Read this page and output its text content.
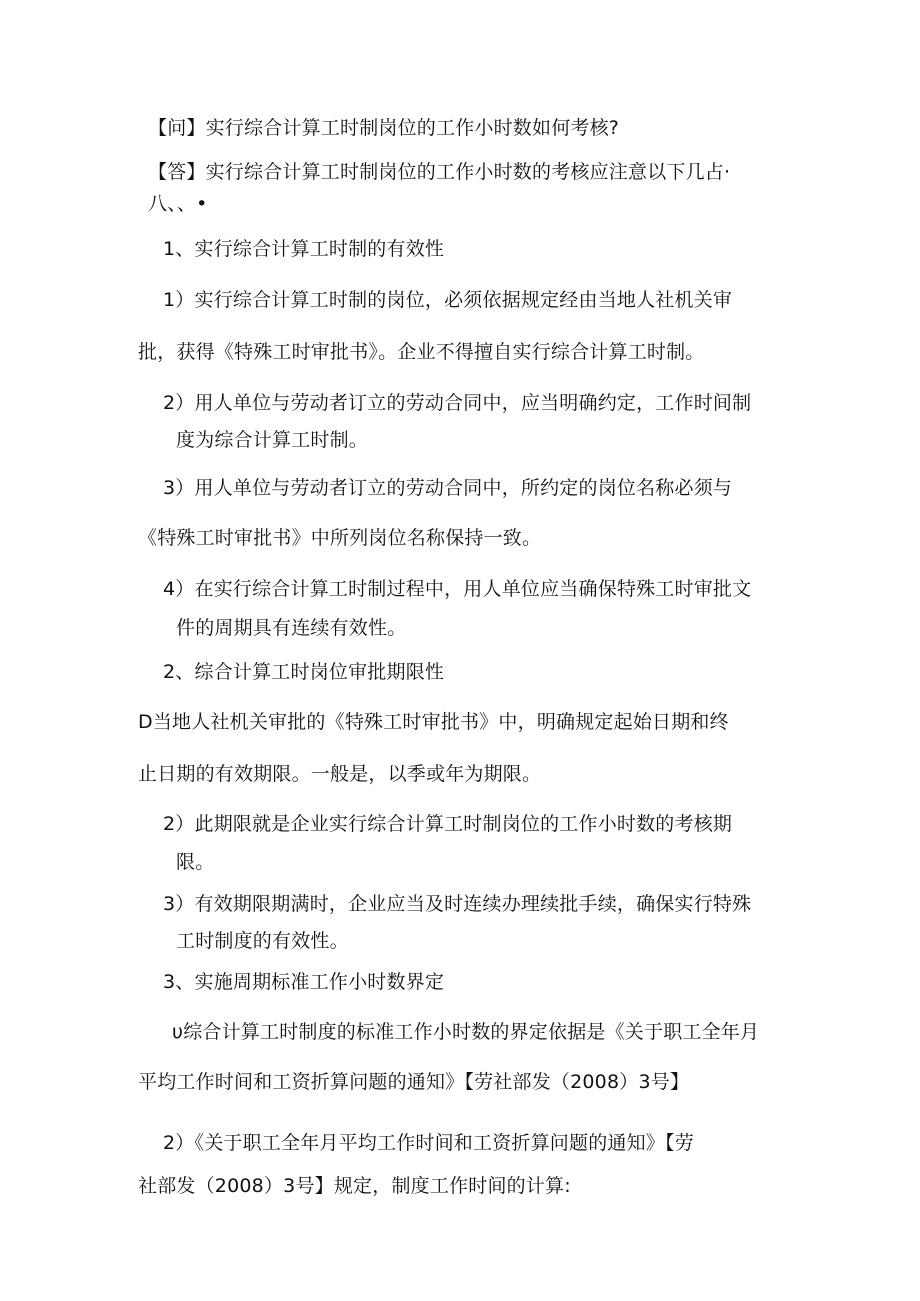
【问】实行综合计算工时制岗位的工作小时数如何考核?
【答】实行综合计算工时制岗位的工作小时数的考核应注意以下几占·
八、、•
1、实行综合计算工时制的有效性
1）实行综合计算工时制的岗位，必须依据规定经由当地人社机关审
批，获得《特殊工时审批书》。企业不得擅自实行综合计算工时制。
2）用人单位与劳动者订立的劳动合同中，应当明确约定，工作时间制
度为综合计算工时制。
3）用人单位与劳动者订立的劳动合同中，所约定的岗位名称必须与
《特殊工时审批书》中所列岗位名称保持一致。
4）在实行综合计算工时制过程中，用人单位应当确保特殊工时审批文
件的周期具有连续有效性。
2、综合计算工时岗位审批期限性
D当地人社机关审批的《特殊工时审批书》中，明确规定起始日期和终
止日期的有效期限。一般是，以季或年为期限。
2）此期限就是企业实行综合计算工时制岗位的工作小时数的考核期
限。
3）有效期限期满时，企业应当及时连续办理续批手续，确保实行特殊
工时制度的有效性。
3、实施周期标准工作小时数界定
υ综合计算工时制度的标准工作小时数的界定依据是《关于职工全年月
平均工作时间和工资折算问题的通知》【劳社部发（2008）3号】
2）《关于职工全年月平均工作时间和工资折算问题的通知》【劳
社部发（2008）3号】规定，制度工作时间的计算:
